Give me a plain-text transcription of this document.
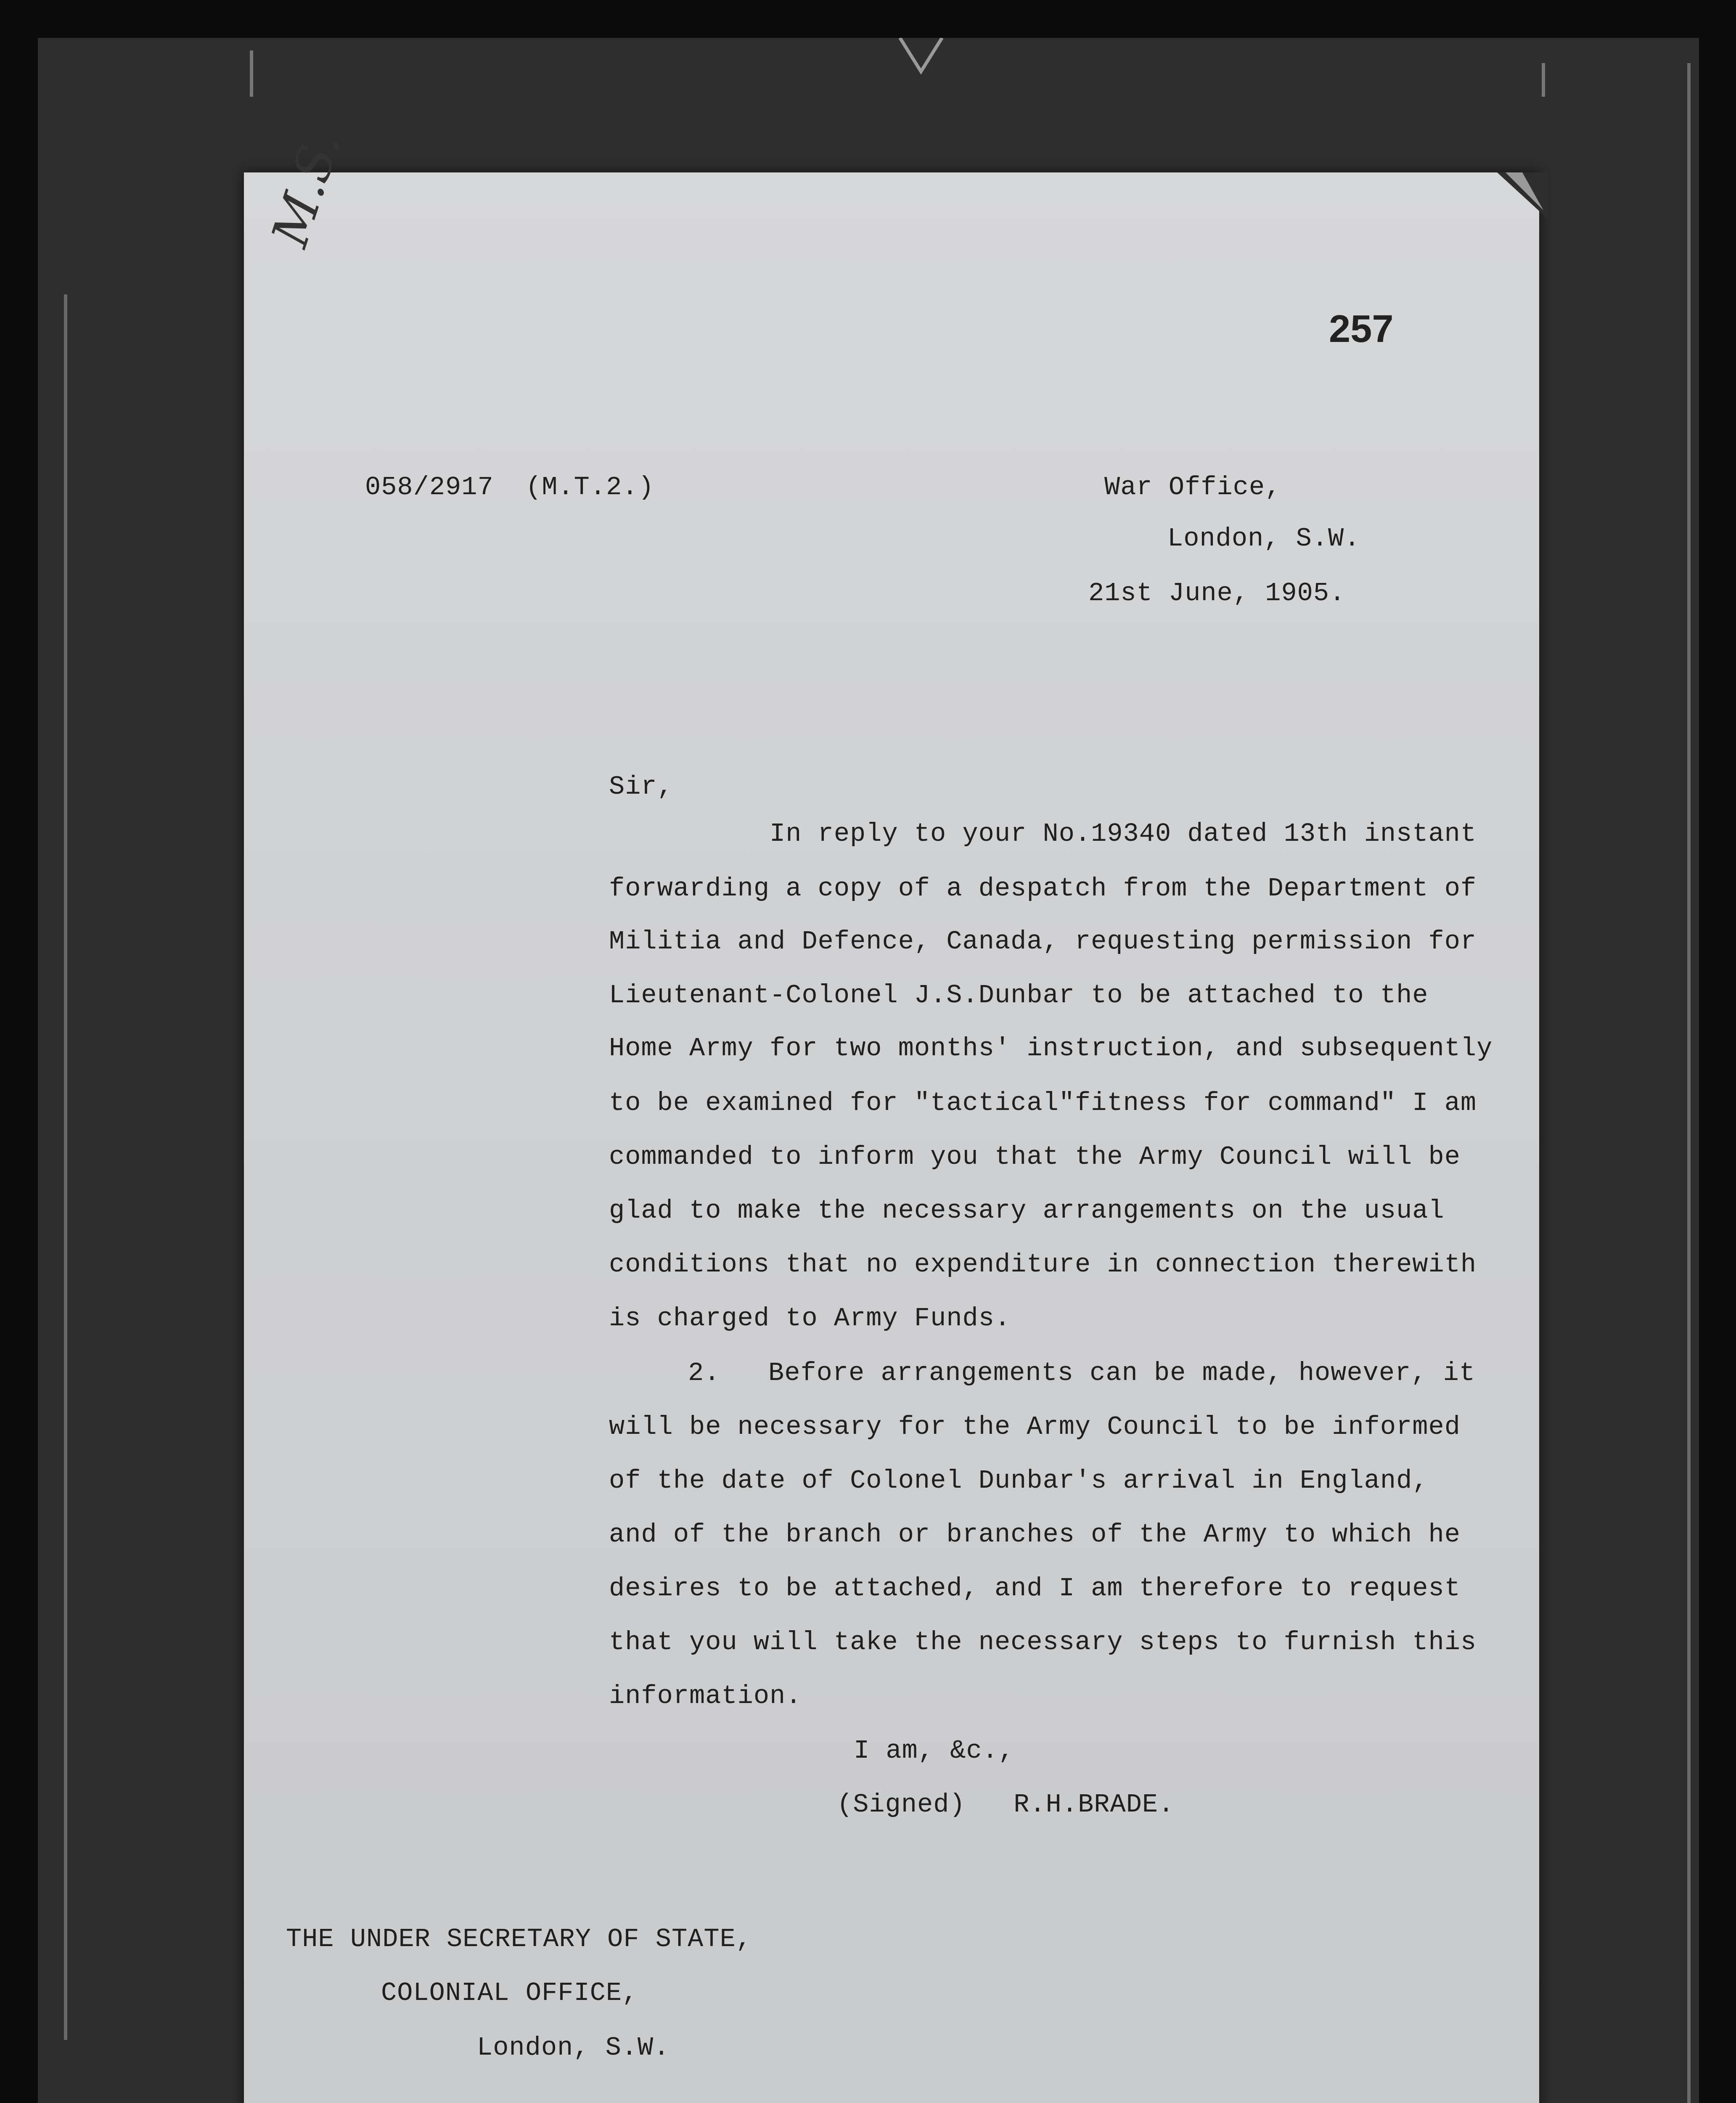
M.S.
257
058/2917  (M.T.2.)	War Office,
London, S.W.
21st June, 1905.
Sir,
In reply to your No.19340 dated 13th instant
forwarding a copy of a despatch from the Department of
Militia and Defence, Canada, requesting permission for
Lieutenant-Colonel J.S.Dunbar to be attached to the
Home Army for two months' instruction, and subsequently
to be examined for "tactical"fitness for command" I am
commanded to inform you that the Army Council will be
glad to make the necessary arrangements on the usual
conditions that no expenditure in connection therewith
is charged to Army Funds.
2.   Before arrangements can be made, however, it
will be necessary for the Army Council to be informed
of the date of Colonel Dunbar's arrival in England,
and of the branch or branches of the Army to which he
desires to be attached, and I am therefore to request
that you will take the necessary steps to furnish this
information.
I am, &c.,
(Signed)   R.H.BRADE.
THE UNDER SECRETARY OF STATE,
COLONIAL OFFICE,
London, S.W.
